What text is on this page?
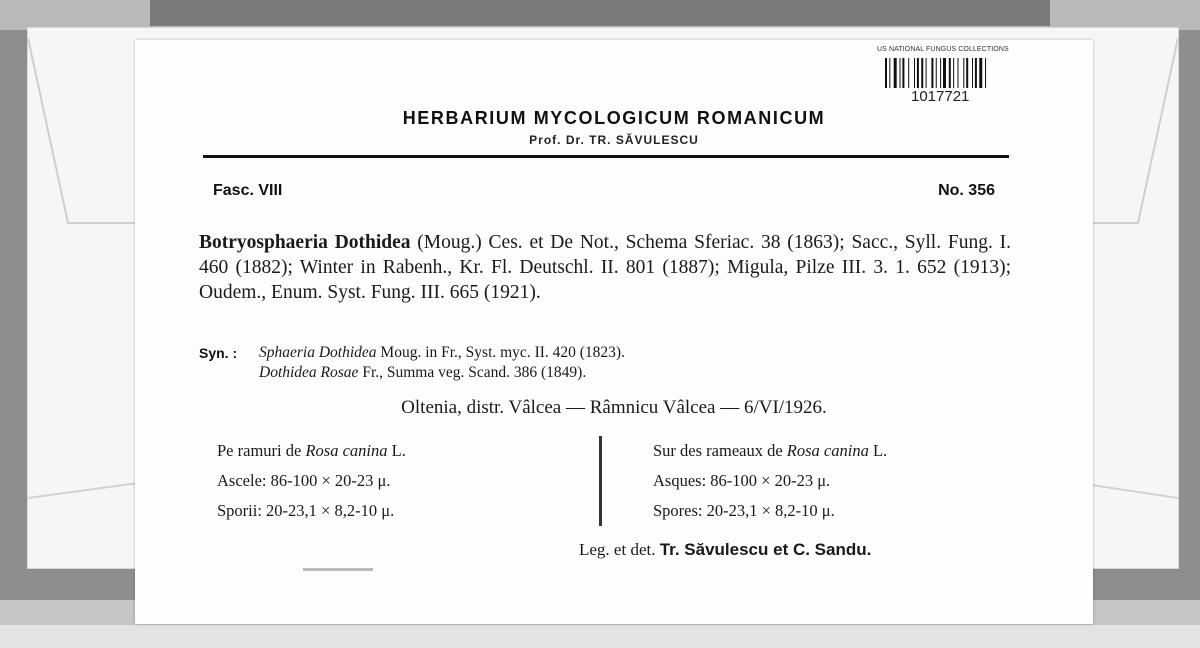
US NATIONAL FUNGUS COLLECTIONS
1017721
HERBARIUM MYCOLOGICUM ROMANICUM
Prof. Dr. TR. SĂVULESCU
Fasc. VIII	No. 356

Botryosphaeria Dothidea (Moug.) Ces. et De Not., Schema Sferiac. 38 (1863); Sacc., Syll. Fung. I. 460 (1882); Winter in Rabenh., Kr. Fl. Deutschl. II. 801 (1887); Migula, Pilze III. 3. 1. 652 (1913); Oudem., Enum. Syst. Fung. III. 665 (1921).

Syn. : Sphaeria Dothidea Moug. in Fr., Syst. myc. II. 420 (1823).
Dothidea Rosae Fr., Summa veg. Scand. 386 (1849).
Oltenia, distr. Vâlcea — Râmnicu Vâlcea — 6/VI/1926.
Pe ramuri de Rosa canina L.
Ascele: 86-100 × 20-23 μ.
Sporii: 20-23,1 × 8,2-10 μ.
Sur des rameaux de Rosa canina L.
Asques: 86-100 × 20-23 μ.
Spores: 20-23,1 × 8,2-10 μ.
Leg. et det. Tr. Săvulescu et C. Sandu.
